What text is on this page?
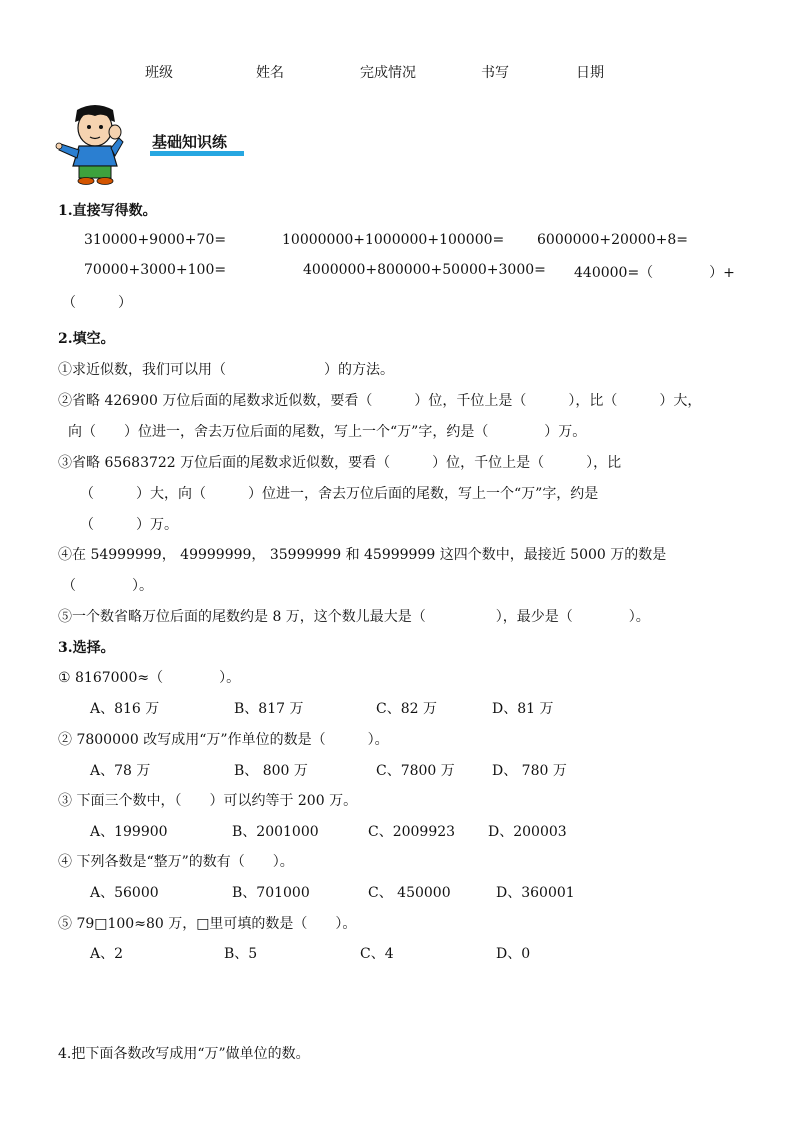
班级	姓名	完成情况	书写	日期
基础知识练
1.直接写得数。
310000+9000+70=	10000000+1000000+100000= 6000000+20000+8=
70000+3000+100=	4000000+800000+50000+3000= 440000=（　　　　）+
（　　　）
2.填空。
①求近似数，我们可以用（　　　　　　　）的方法。
②省略 426900 万位后面的尾数求近似数，要看（　　　）位，千位上是（　　　），比（　　　）大，
向（　　）位进一，舍去万位后面的尾数，写上一个“万”字，约是（　　　　）万。
③省略 65683722 万位后面的尾数求近似数，要看（　　　）位，千位上是（　　　），比
（　　　）大，向（　　　）位进一，舍去万位后面的尾数，写上一个“万”字，约是
（　　　）万。
④在 54999999， 49999999， 35999999 和 45999999 这四个数中，最接近 5000 万的数是
（　　　　）。
⑤一个数省略万位后面的尾数约是 8 万，这个数儿最大是（　　　　　），最少是（　　　　）。
3.选择。
① 8167000≈（　　　　）。
A、816 万	B、817 万	C、82 万	D、81 万
② 7800000 改写成用“万”作单位的数是（　　　）。
A、78 万	B、 800 万	C、7800 万	D、 780 万
③ 下面三个数中，（　　）可以约等于 200 万。
A、199900	B、2001000	C、2009923 D、200003
④ 下列各数是“整万”的数有（　　）。
A、56000	B、701000	C、 450000	D、360001
⑤ 79□100≈80 万，□里可填的数是（　　）。
A、2	B、5	C、4	D、0
4.把下面各数改写成用“万”做单位的数。
